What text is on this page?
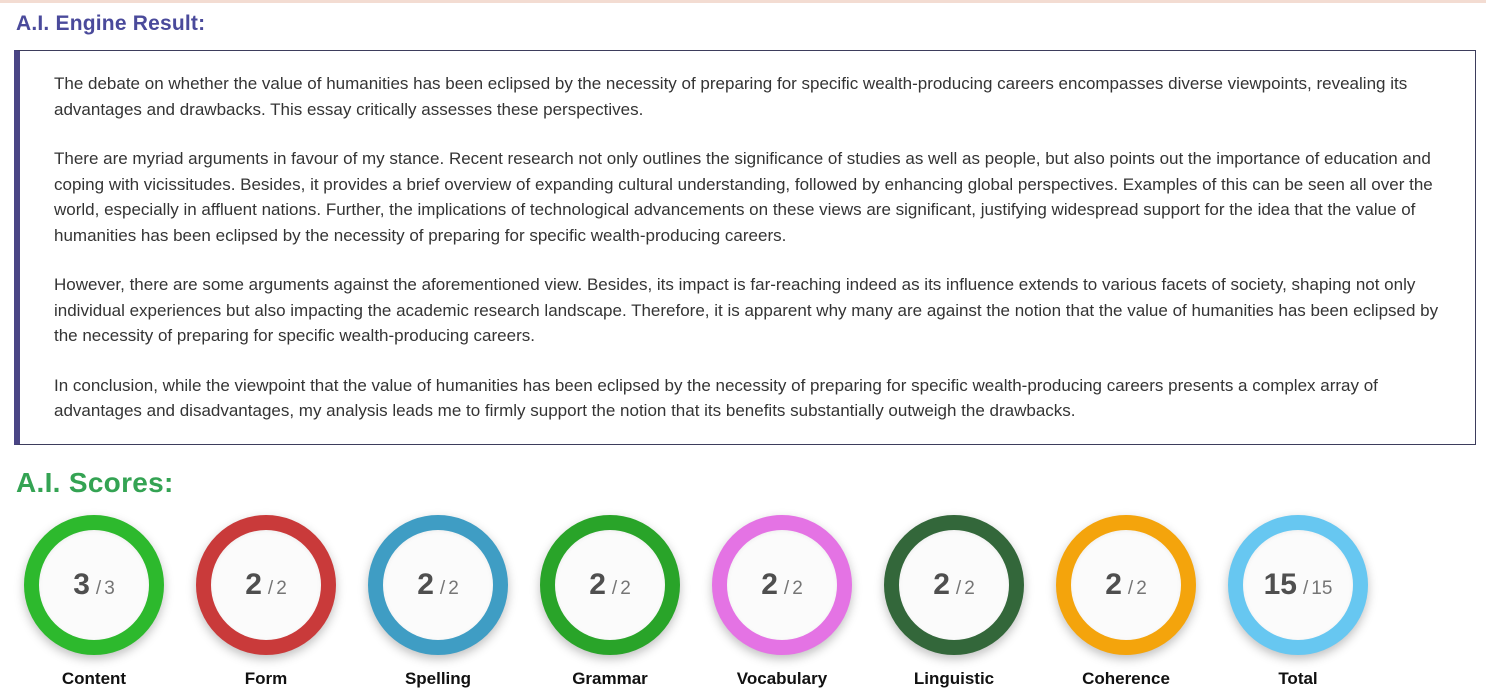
A.I. Engine Result:

The debate on whether the value of humanities has been eclipsed by the necessity of preparing for specific wealth-producing careers encompasses diverse viewpoints, revealing its advantages and drawbacks. This essay critically assesses these perspectives.

There are myriad arguments in favour of my stance. Recent research not only outlines the significance of studies as well as people, but also points out the importance of education and coping with vicissitudes. Besides, it provides a brief overview of expanding cultural understanding, followed by enhancing global perspectives. Examples of this can be seen all over the world, especially in affluent nations. Further, the implications of technological advancements on these views are significant, justifying widespread support for the idea that the value of humanities has been eclipsed by the necessity of preparing for specific wealth-producing careers.

However, there are some arguments against the aforementioned view. Besides, its impact is far-reaching indeed as its influence extends to various facets of society, shaping not only individual experiences but also impacting the academic research landscape. Therefore, it is apparent why many are against the notion that the value of humanities has been eclipsed by the necessity of preparing for specific wealth-producing careers.

In conclusion, while the viewpoint that the value of humanities has been eclipsed by the necessity of preparing for specific wealth-producing careers presents a complex array of advantages and disadvantages, my analysis leads me to firmly support the notion that its benefits substantially outweigh the drawbacks.

A.I. Scores:
3 / 3
Content
2 / 2
Form
2 / 2
Spelling
2 / 2
Grammar
2 / 2
Vocabulary
2 / 2
Linguistic
2 / 2
Coherence
15 / 15
Total
